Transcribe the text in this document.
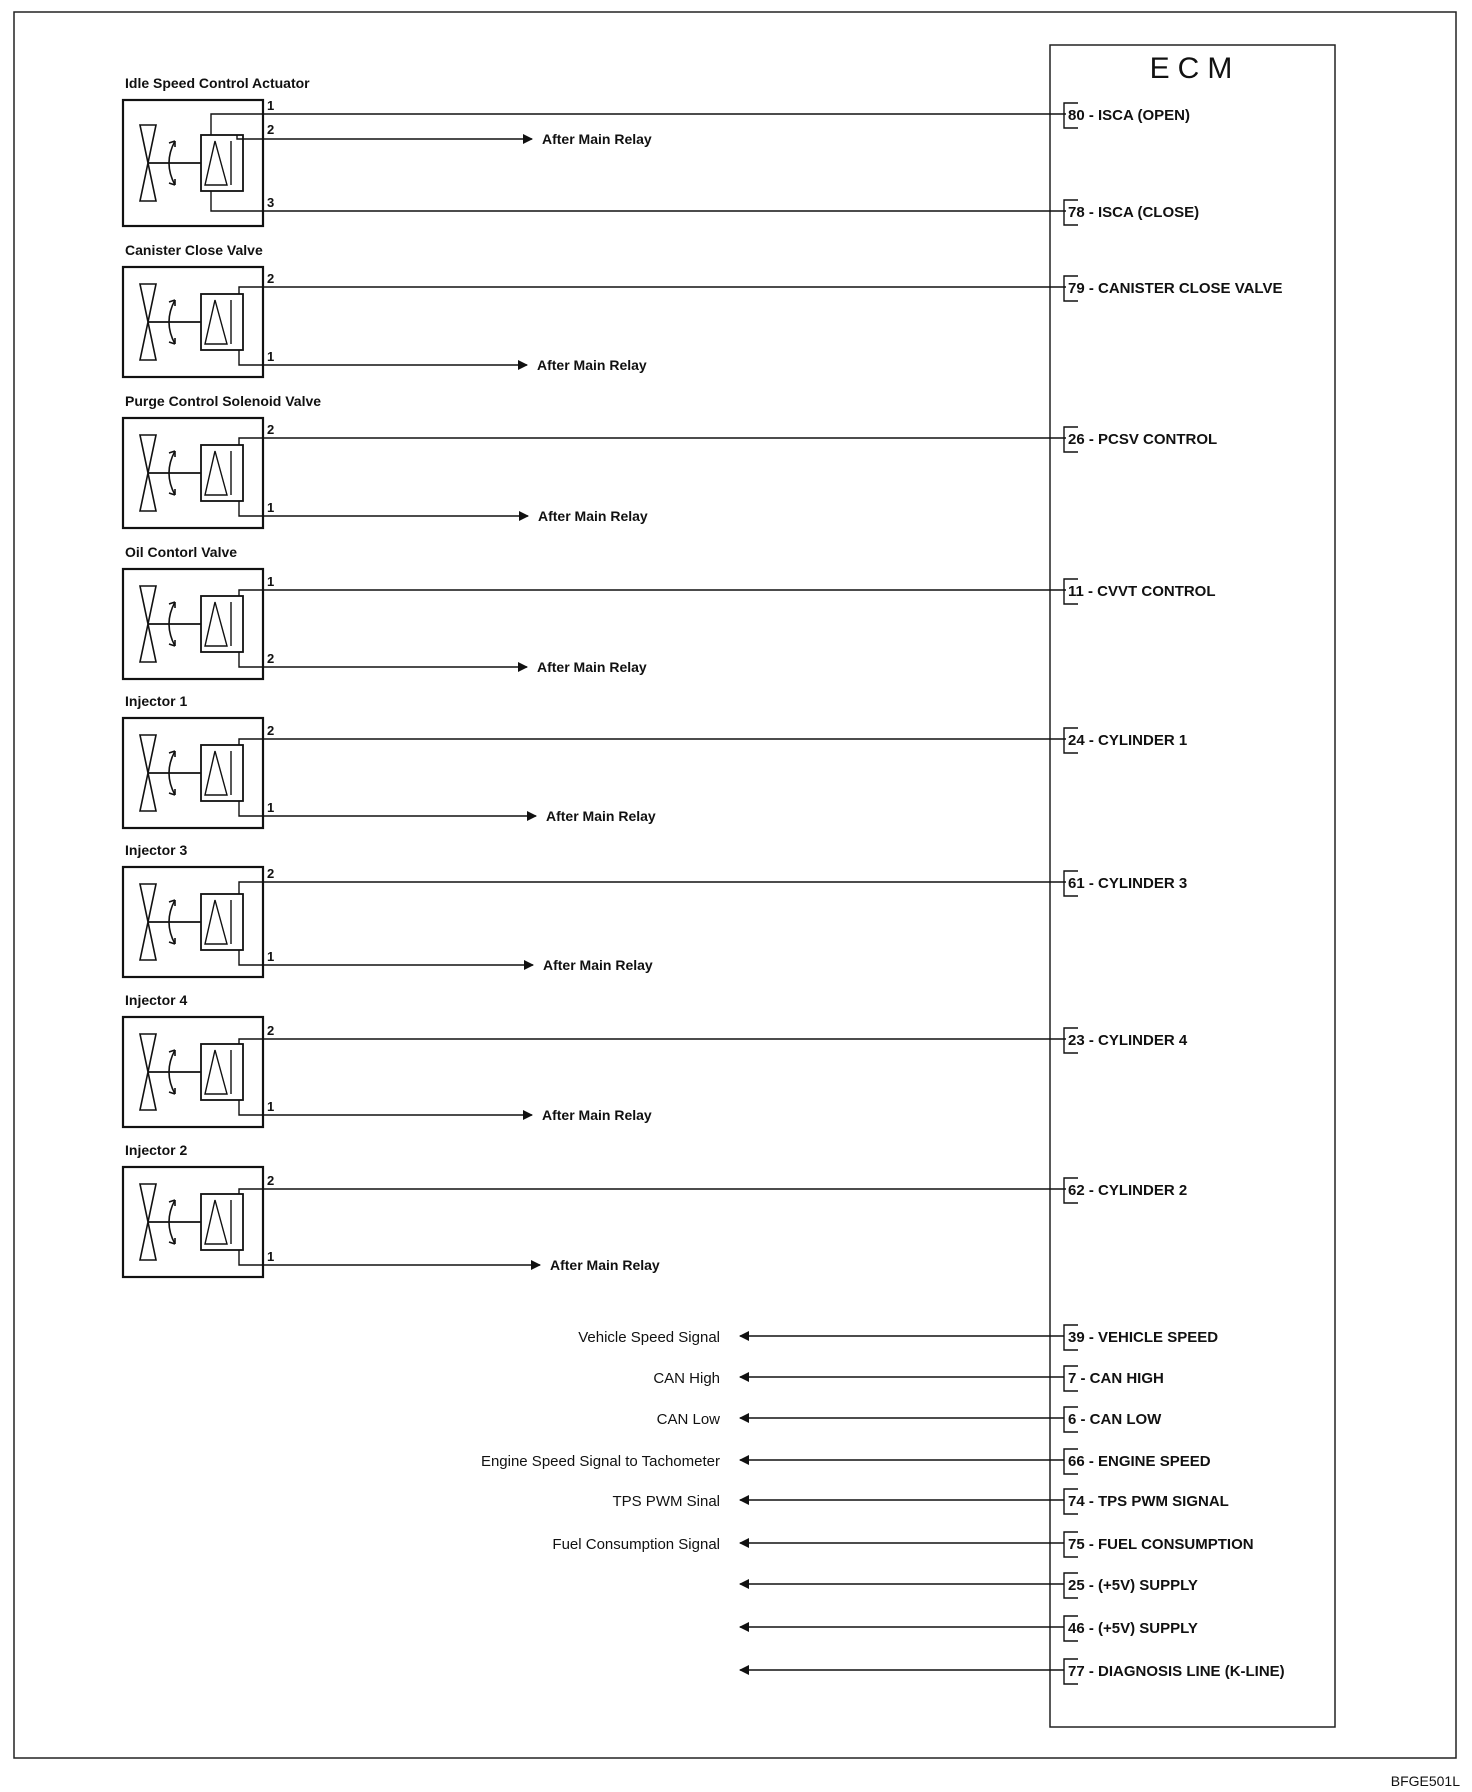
ECM
Idle Speed Control Actuator
1
2
After Main Relay
3
Canister Close Valve
2
1
After Main Relay
Purge Control Solenoid Valve
2
1
After Main Relay
Oil Contorl Valve
1
2
After Main Relay
Injector 1
2
1
After Main Relay
Injector 3
2
1
After Main Relay
Injector 4
2
1
After Main Relay
Injector 2
2
1
After Main Relay
80 - ISCA (OPEN)
78 - ISCA (CLOSE)
79 - CANISTER CLOSE VALVE
26 - PCSV CONTROL
11 - CVVT CONTROL
24 - CYLINDER 1
61 - CYLINDER 3
23 - CYLINDER 4
62 - CYLINDER 2
39 - VEHICLE SPEED
7 - CAN HIGH
6 - CAN LOW
66 - ENGINE SPEED
74 - TPS PWM SIGNAL
75 - FUEL CONSUMPTION
25 - (+5V) SUPPLY
46 - (+5V) SUPPLY
77 - DIAGNOSIS LINE (K-LINE)
Vehicle Speed Signal
CAN High
CAN Low
Engine Speed Signal to Tachometer
TPS PWM Sinal
Fuel Consumption Signal
BFGE501L
